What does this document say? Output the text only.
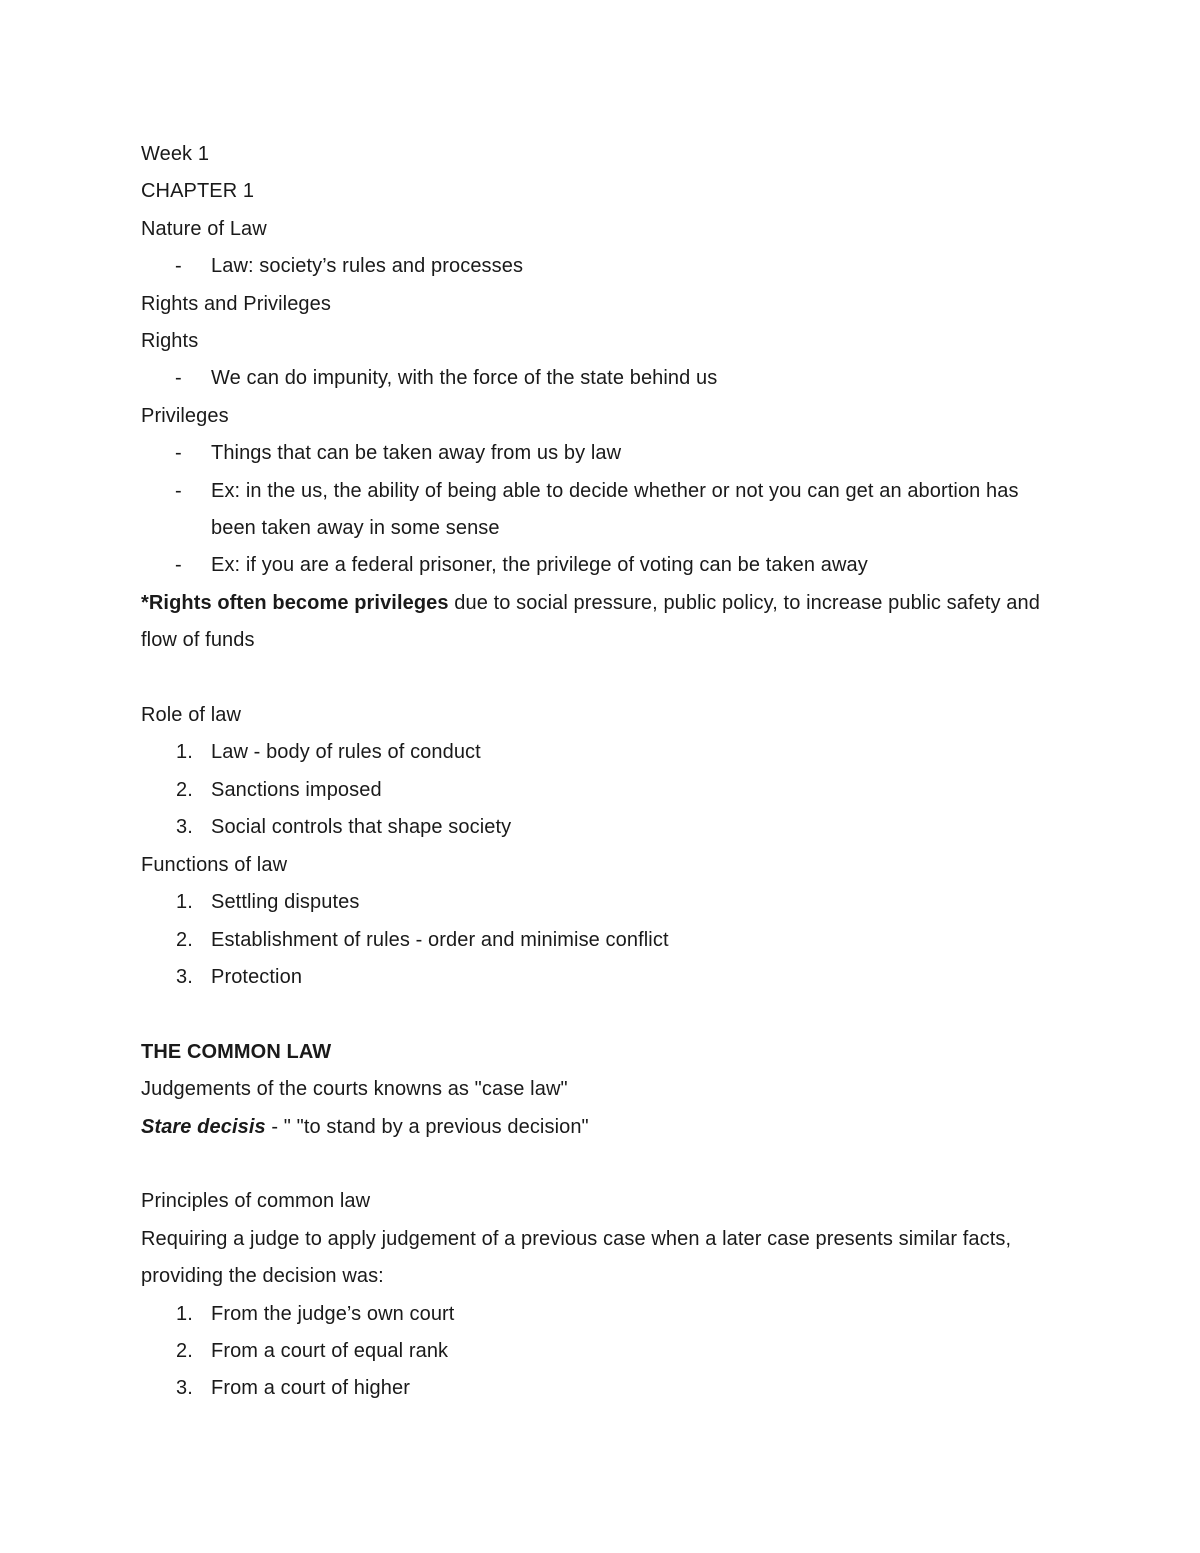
Week 1

CHAPTER 1

Nature of Law

- Law: society’s rules and processes

Rights and Privileges

Rights

- We can do impunity, with the force of the state behind us

Privileges

- Things that can be taken away from us by law
- Ex: in the us, the ability of being able to decide whether or not you can get an abortion has been taken away in some sense
- Ex: if you are a federal prisoner, the privilege of voting can be taken away

*Rights often become privileges due to social pressure, public policy, to increase public safety and flow of funds

Role of law

1. Law - body of rules of conduct
2. Sanctions imposed
3. Social controls that shape society

Functions of law

1. Settling disputes
2. Establishment of rules - order and minimise conflict
3. Protection

THE COMMON LAW

Judgements of the courts knowns as "case law"

Stare decisis - " "to stand by a previous decision"

Principles of common law

Requiring a judge to apply judgement of a previous case when a later case presents similar facts, providing the decision was:

1. From the judge’s own court
2. From a court of equal rank
3. From a court of higher
